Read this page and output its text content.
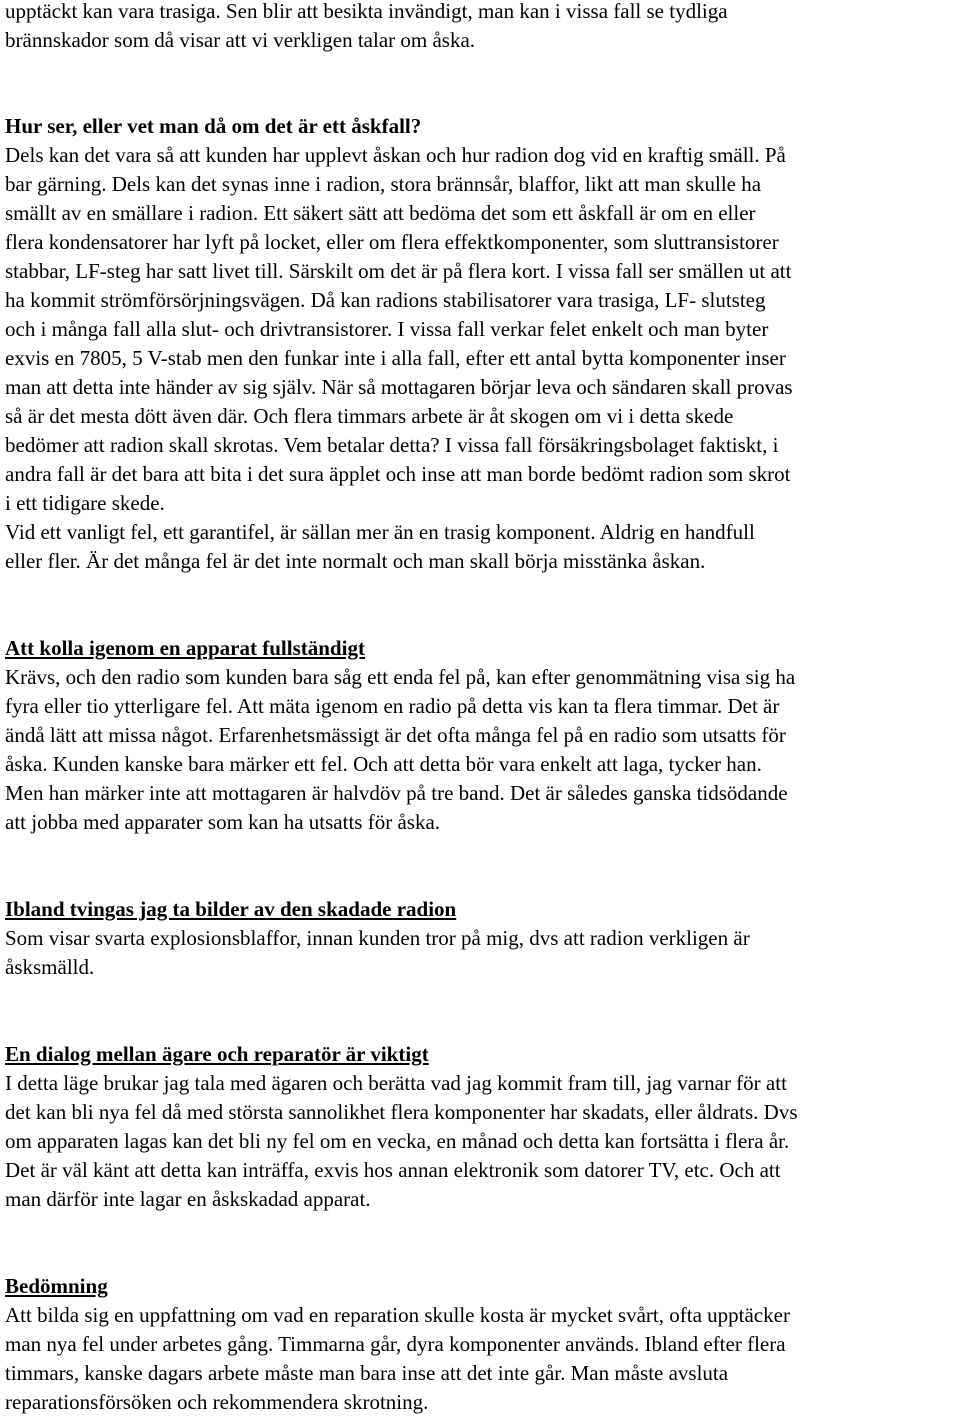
upptäckt kan vara trasiga. Sen blir att besikta invändigt, man kan i vissa fall se tydliga
brännskador som då visar att vi verkligen talar om åska.
Hur ser, eller vet man då om det är ett åskfall?
Dels kan det vara så att kunden har upplevt åskan och hur radion dog vid en kraftig smäll. På
bar gärning. Dels kan det synas inne i radion, stora brännsår, blaffor, likt att man skulle ha
smällt av en smällare i radion. Ett säkert sätt att bedöma det som ett åskfall är om en eller
flera kondensatorer har lyft på locket, eller om flera effektkomponenter, som sluttransistorer
stabbar, LF-steg har satt livet till. Särskilt om det är på flera kort. I vissa fall ser smällen ut att
ha kommit strömförsörjningsvägen. Då kan radions stabilisatorer vara trasiga, LF- slutsteg
och i många fall alla slut- och drivtransistorer. I vissa fall verkar felet enkelt och man byter
exvis en 7805, 5 V-stab men den funkar inte i alla fall, efter ett antal bytta komponenter inser
man att detta inte händer av sig själv. När så mottagaren börjar leva och sändaren skall provas
så är det mesta dött även där. Och flera timmars arbete är åt skogen om vi i detta skede
bedömer att radion skall skrotas. Vem betalar detta? I vissa fall försäkringsbolaget faktiskt, i
andra fall är det bara att bita i det sura äpplet och inse att man borde bedömt radion som skrot
i ett tidigare skede.
Vid ett vanligt fel, ett garantifel, är sällan mer än en trasig komponent. Aldrig en handfull
eller fler. Är det många fel är det inte normalt och man skall börja misstänka åskan.
Att kolla igenom en apparat fullständigt
Krävs, och den radio som kunden bara såg ett enda fel på, kan efter genommätning visa sig ha
fyra eller tio ytterligare fel. Att mäta igenom en radio på detta vis kan ta flera timmar. Det är
ändå lätt att missa något. Erfarenhetsmässigt är det ofta många fel på en radio som utsatts för
åska. Kunden kanske bara märker ett fel. Och att detta bör vara enkelt att laga, tycker han.
Men han märker inte att mottagaren är halvdöv på tre band. Det är således ganska tidsödande
att jobba med apparater som kan ha utsatts för åska.
Ibland tvingas jag ta bilder av den skadade radion
Som visar svarta explosionsblaffor, innan kunden tror på mig, dvs att radion verkligen är
åsksmälld.
En dialog mellan ägare och reparatör är viktigt
I detta läge brukar jag tala med ägaren och berätta vad jag kommit fram till, jag varnar för att
det kan bli nya fel då med största sannolikhet flera komponenter har skadats, eller åldrats. Dvs
om apparaten lagas kan det bli ny fel om en vecka, en månad och detta kan fortsätta i flera år.
Det är väl känt att detta kan inträffa, exvis hos annan elektronik som datorer TV, etc. Och att
man därför inte lagar en åskskadad apparat.
Bedömning
Att bilda sig en uppfattning om vad en reparation skulle kosta är mycket svårt, ofta upptäcker
man nya fel under arbetes gång. Timmarna går, dyra komponenter används. Ibland efter flera
timmars, kanske dagars arbete måste man bara inse att det inte går. Man måste avsluta
reparationsförsöken och rekommendera skrotning.
